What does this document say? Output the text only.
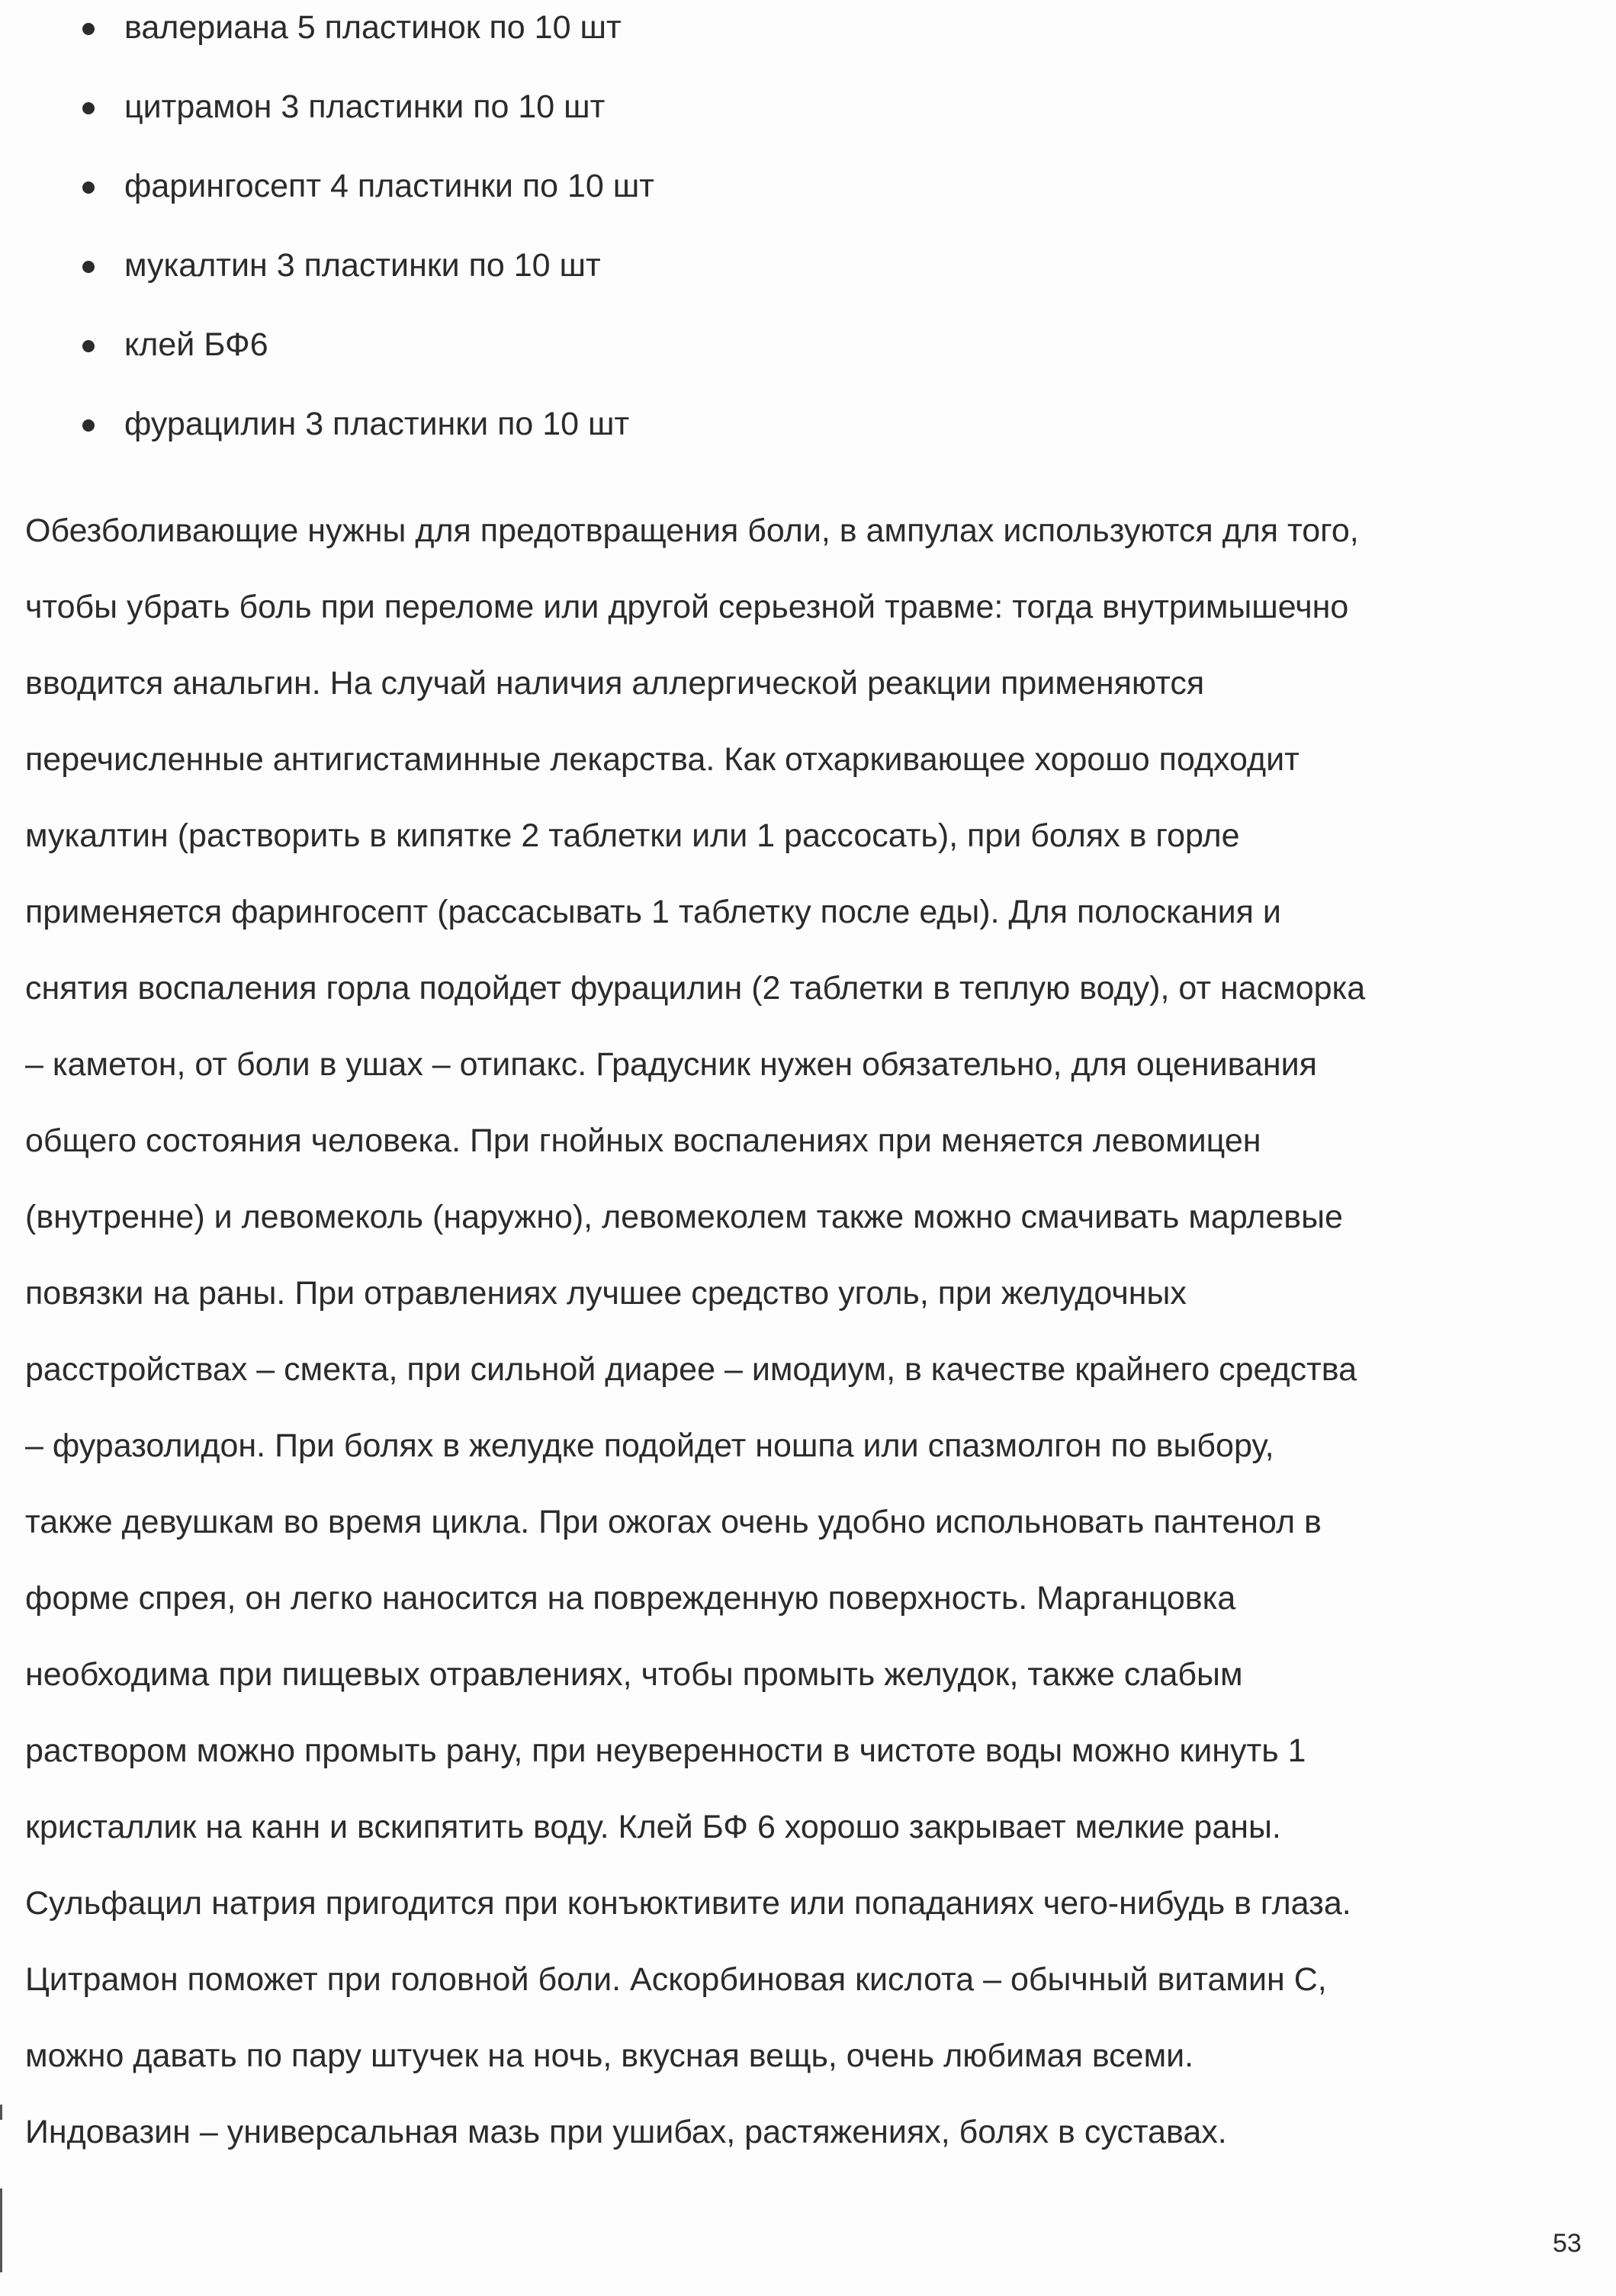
валериана 5 пластинок по 10 шт
цитрамон 3 пластинки по 10 шт
фарингосепт 4 пластинки по 10 шт
мукалтин 3 пластинки по 10 шт
клей БФ6
фурацилин 3 пластинки по 10 шт
Обезболивающие нужны для предотвращения боли, в ампулах используются для того,
чтобы убрать боль при переломе или другой серьезной травме: тогда внутримышечно
вводится анальгин. На случай наличия аллергической реакции применяются
перечисленные антигистаминные лекарства. Как отхаркивающее хорошо подходит
мукалтин (растворить в кипятке 2 таблетки или 1 рассосать), при болях в горле
применяется фарингосепт (рассасывать 1 таблетку после еды). Для полоскания и
снятия воспаления горла подойдет фурацилин (2 таблетки в теплую воду), от насморка
– каметон, от боли в ушах – отипакс. Градусник нужен обязательно, для оценивания
общего состояния человека. При гнойных воспалениях при меняется левомицен
(внутренне) и левомеколь (наружно), левомеколем также можно смачивать марлевые
повязки на раны. При отравлениях лучшее средство уголь, при желудочных
расстройствах – смекта, при сильной диарее – имодиум, в качестве крайнего средства
– фуразолидон. При болях в желудке подойдет ношпа или спазмолгон по выбору,
также девушкам во время цикла. При ожогах очень удобно испольновать пантенол в
форме спрея, он легко наносится на поврежденную поверхность. Марганцовка
необходима при пищевых отравлениях, чтобы промыть желудок, также слабым
раствором можно промыть рану, при неуверенности в чистоте воды можно кинуть 1
кристаллик на канн и вскипятить воду. Клей БФ 6 хорошо закрывает мелкие раны.
Сульфацил натрия пригодится при конъюктивите или попаданиях чего-нибудь в глаза.
Цитрамон поможет при головной боли. Аскорбиновая кислота – обычный витамин С,
можно давать по пару штучек на ночь, вкусная вещь, очень любимая всеми.
Индовазин – универсальная мазь при ушибах, растяжениях, болях в суставах.
53
